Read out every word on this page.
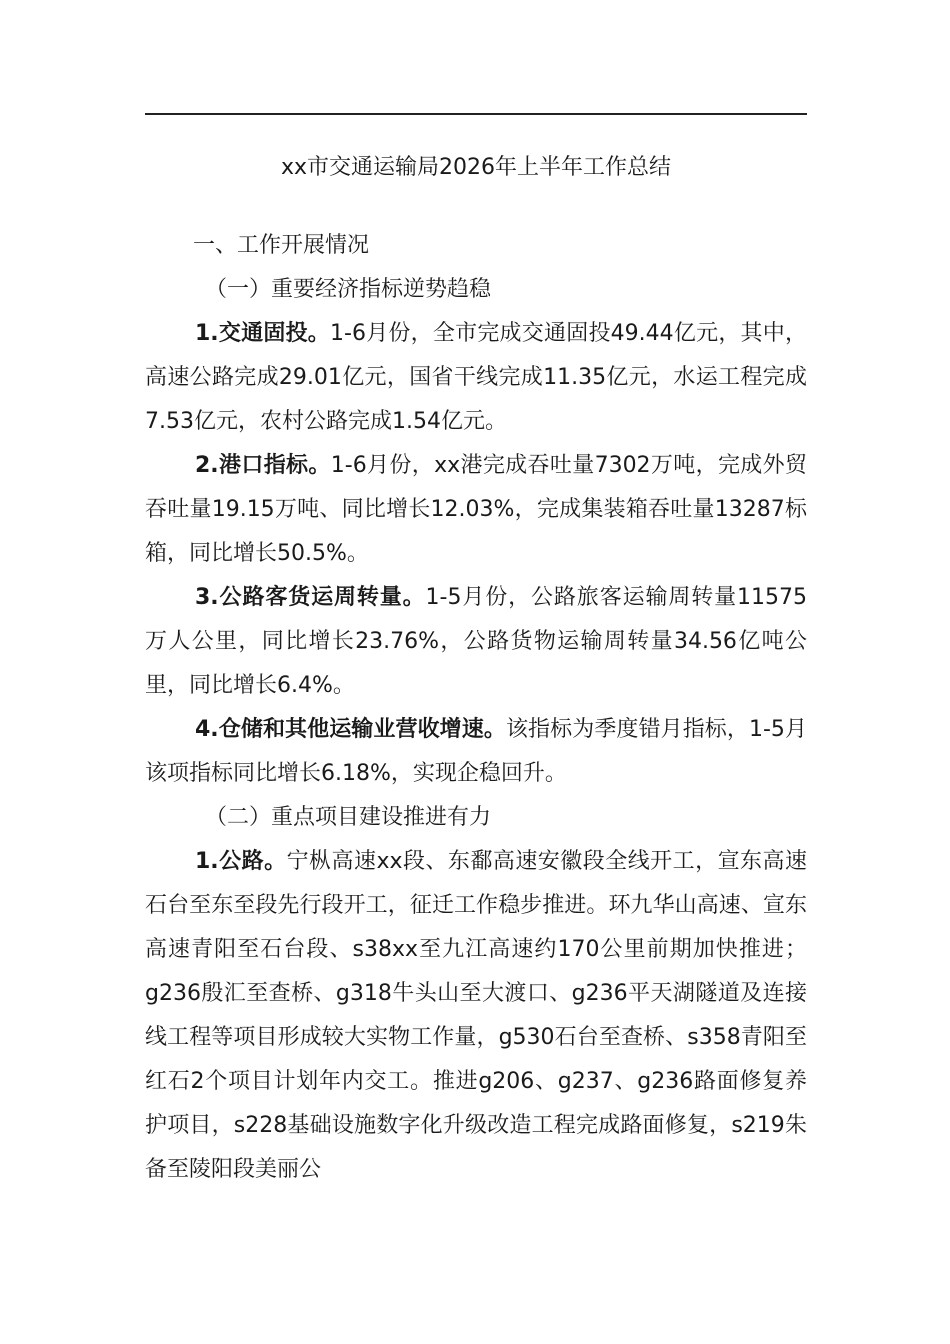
xx市交通运输局2026年上半年工作总结

一、工作开展情况

（一）重要经济指标逆势趋稳

1.交通固投。1-6月份，全市完成交通固投49.44亿元，其中，高速公路完成29.01亿元，国省干线完成11.35亿元，水运工程完成7.53亿元，农村公路完成1.54亿元。

2.港口指标。1-6月份，xx港完成吞吐量7302万吨，完成外贸吞吐量19.15万吨、同比增长12.03%，完成集装箱吞吐量13287标箱，同比增长50.5%。

3.公路客货运周转量。1-5月份，公路旅客运输周转量11575万人公里，同比增长23.76%，公路货物运输周转量34.56亿吨公里，同比增长6.4%。

4.仓储和其他运输业营收增速。该指标为季度错月指标，1-5月该项指标同比增长6.18%，实现企稳回升。

（二）重点项目建设推进有力

1.公路。宁枞高速xx段、东鄱高速安徽段全线开工，宣东高速石台至东至段先行段开工，征迁工作稳步推进。环九华山高速、宣东高速青阳至石台段、s38xx至九江高速约170公里前期加快推进；g236殷汇至查桥、g318牛头山至大渡口、g236平天湖隧道及连接线工程等项目形成较大实物工作量，g530石台至查桥、s358青阳至红石2个项目计划年内交工。推进g206、g237、g236路面修复养护项目，s228基础设施数字化升级改造工程完成路面修复，s219朱备至陵阳段美丽公
